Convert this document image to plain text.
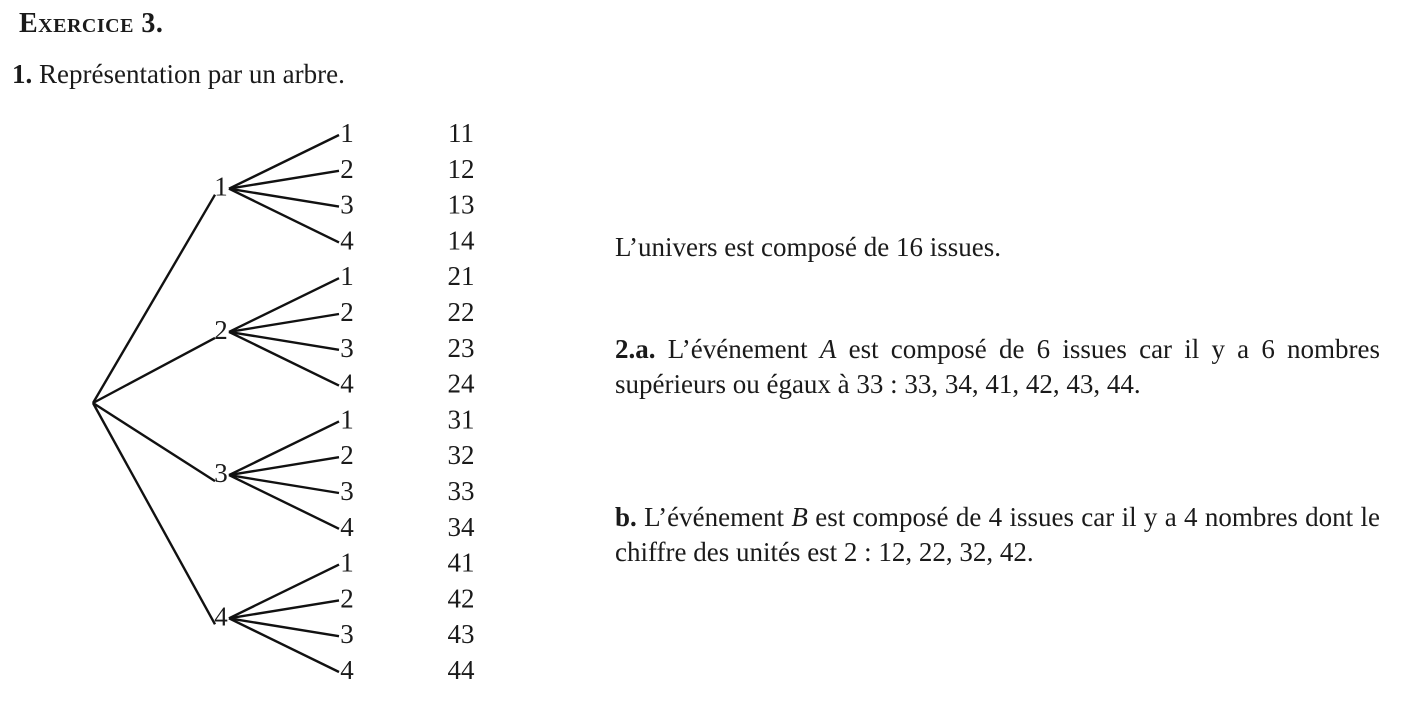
Exercice 3.
1. Représentation par un arbre.
1
1	11
2	12
3	13
4	14
2
1	21
2	22
3	23
4	24
3
1	31
2	32
3	33
4	34
4
1	41
2	42
3	43
4	44
L’univers est composé de 16 issues.
2.a. L’événement A est composé de 6 issues car il y a 6 nombres supérieurs ou égaux à 33 : 33, 34, 41, 42, 43, 44.
b. L’événement B est composé de 4 issues car il y a 4 nombres dont le chiffre des unités est 2 : 12, 22, 32, 42.
